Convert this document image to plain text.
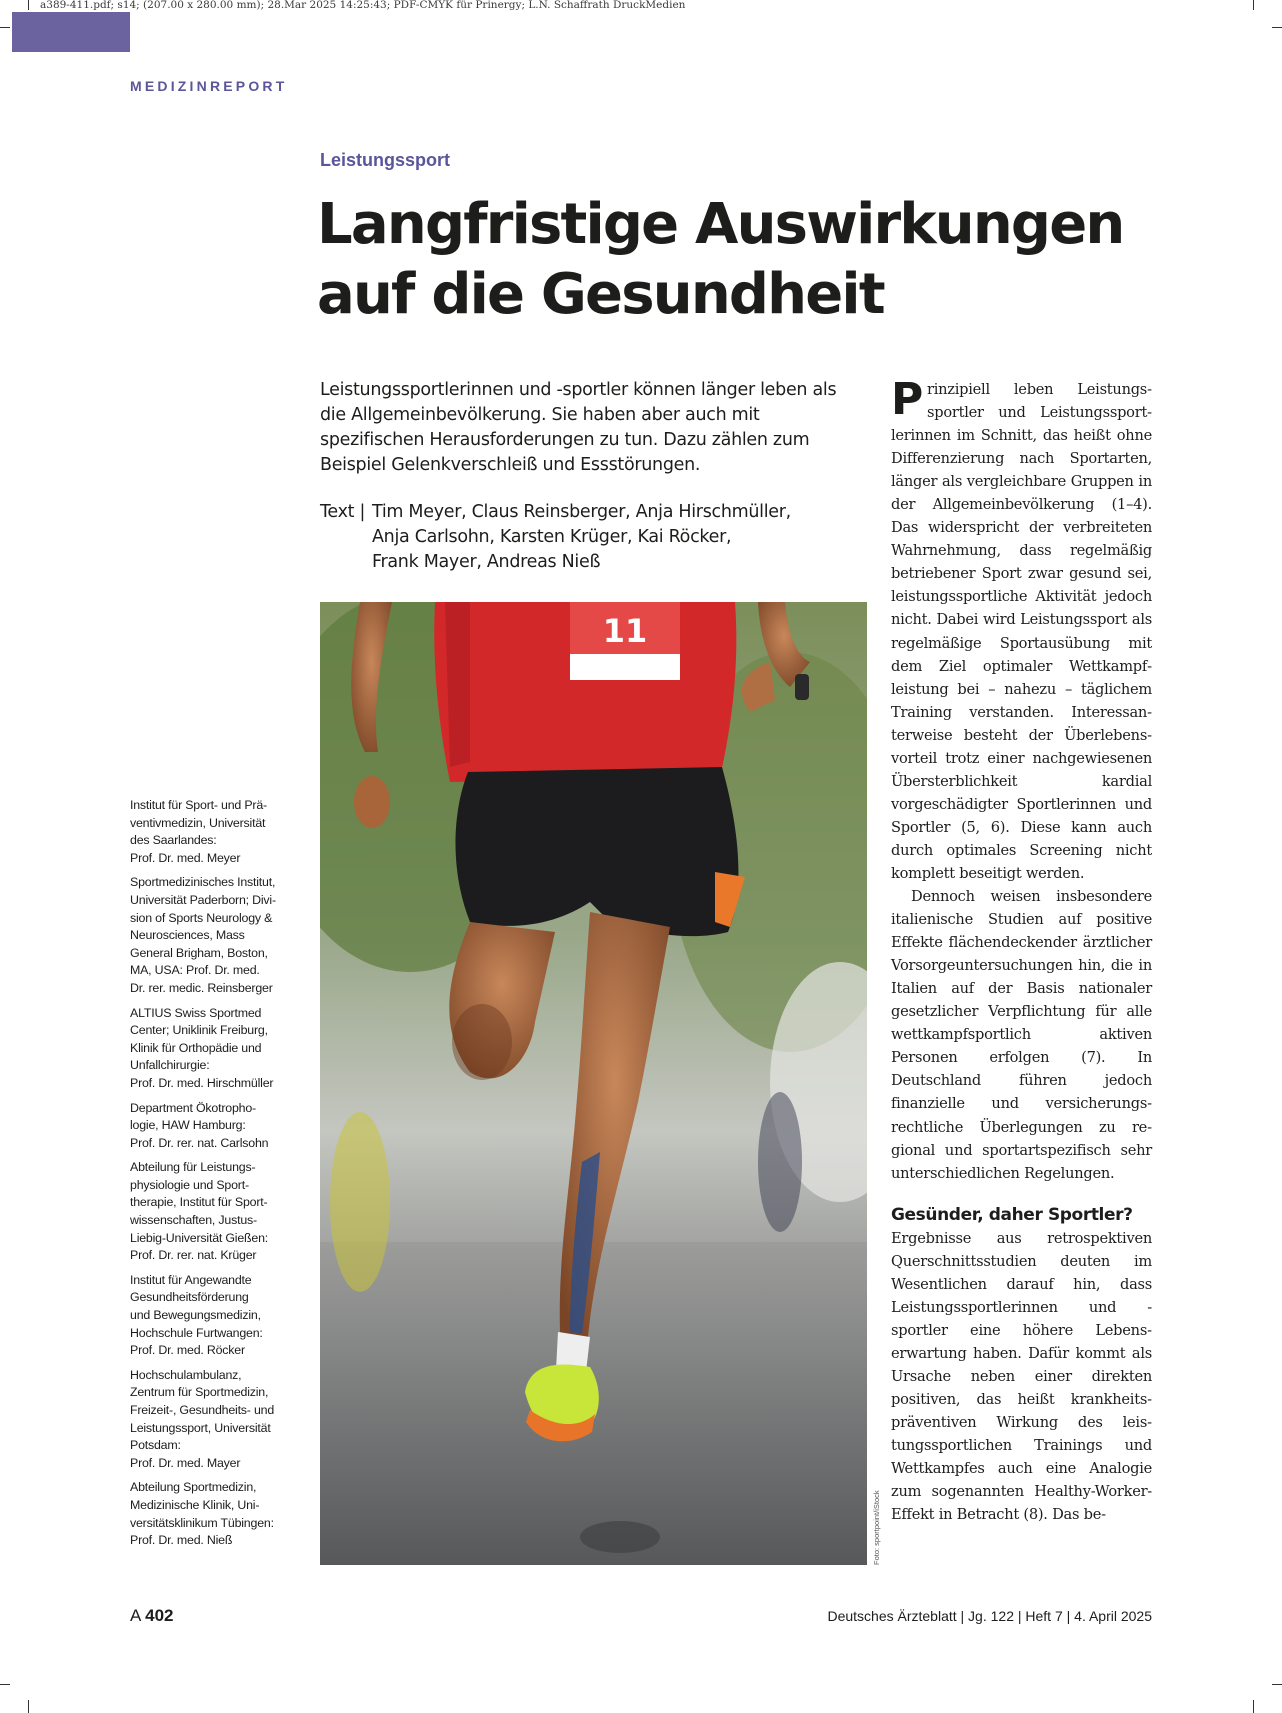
a389-411.pdf; s14; (207.00 x 280.00 mm); 28.Mar 2025 14:25:43; PDF-CMYK für Prinergy; L.N. Schaffrath DruckMedien
MEDIZINREPORT
Leistungssport
Langfristige Auswirkungen
auf die Gesundheit

Leistungssportlerinnen und -sportler können länger leben als die Allgemeinbevölkerung. Sie haben aber auch mit spezifischen Herausforderungen zu tun. Dazu zählen zum Beispiel Gelenkverschleiß und Essstörungen.

Text | Tim Meyer, Claus Reinsberger, Anja Hirschmüller,
Anja Carlsohn, Karsten Krüger, Kai Röcker,
Frank Mayer, Andreas Nieß
11
Foto: sportpoint/iStock
Institut für Sport- und Prä-
ventivmedizin, Universität
des Saarlandes:
Prof. Dr. med. Meyer
Sportmedizinisches Institut,
Universität Paderborn; Divi-
sion of Sports Neurology &
Neurosciences, Mass
General Brigham, Boston,
MA, USA: Prof. Dr. med.
Dr. rer. medic. Reinsberger
ALTIUS Swiss Sportmed
Center; Uniklinik Freiburg,
Klinik für Orthopädie und
Unfallchirurgie:
Prof. Dr. med. Hirschmüller
Department Ökotropho-
logie, HAW Hamburg:
Prof. Dr. rer. nat. Carlsohn
Abteilung für Leistungs-
physiologie und Sport-
therapie, Institut für Sport-
wissenschaften, Justus-
Liebig-Universität Gießen:
Prof. Dr. rer. nat. Krüger
Institut für Angewandte
Gesundheitsförderung
und Bewegungsmedizin,
Hochschule Furtwangen:
Prof. Dr. med. Röcker
Hochschulambulanz,
Zentrum für Sportmedizin,
Freizeit-, Gesundheits- und
Leistungssport, Universität
Potsdam:
Prof. Dr. med. Mayer
Abteilung Sportmedizin,
Medizinische Klinik, Uni-
versitätsklinikum Tübingen:
Prof. Dr. med. Nieß

Prinzipiell leben Leistungssportler und Leistungssportlerinnen im Schnitt, das heißt ohne Differenzierung nach Sportarten, länger als vergleichbare Gruppen in der Allgemeinbevölkerung (1–4). Das widerspricht der verbreiteten Wahrnehmung, dass regelmäßig betriebener Sport zwar gesund sei, leistungssportliche Aktivität jedoch nicht. Dabei wird Leistungssport als regelmäßige Sportausübung mit dem Ziel optimaler Wettkampfleistung bei – nahezu – täglichem Training verstanden. Interessanterweise besteht der Überlebensvorteil trotz einer nachgewiesenen Übersterblichkeit kardial vorgeschädigter Sportlerinnen und Sportler (5, 6). Diese kann auch durch optimales Screening nicht komplett beseitigt werden.

Dennoch weisen insbesondere italienische Studien auf positive Effekte flächendeckender ärztlicher Vorsorgeuntersuchungen hin, die in Italien auf der Basis nationaler gesetzlicher Verpflichtung für alle wettkampfsportlich aktiven Personen erfolgen (7). In Deutschland führen jedoch finanzielle und versicherungsrechtliche Überlegungen zu regional und sportartspezifisch sehr unterschiedlichen Regelungen.

Gesünder, daher Sportler?

Ergebnisse aus retrospektiven Querschnittsstudien deuten im Wesentlichen darauf hin, dass Leistungssportlerinnen und -sportler eine höhere Lebenserwartung haben. Dafür kommt als Ursache neben einer direkten positiven, das heißt krankheitspräventiven Wirkung des leistungssportlichen Trainings und Wettkampfes auch eine Analogie zum sogenannten Healthy-Worker-Effekt in Betracht (8). Das be-

A 402	Deutsches Ärzteblatt | Jg. 122 | Heft 7 | 4. April 2025
